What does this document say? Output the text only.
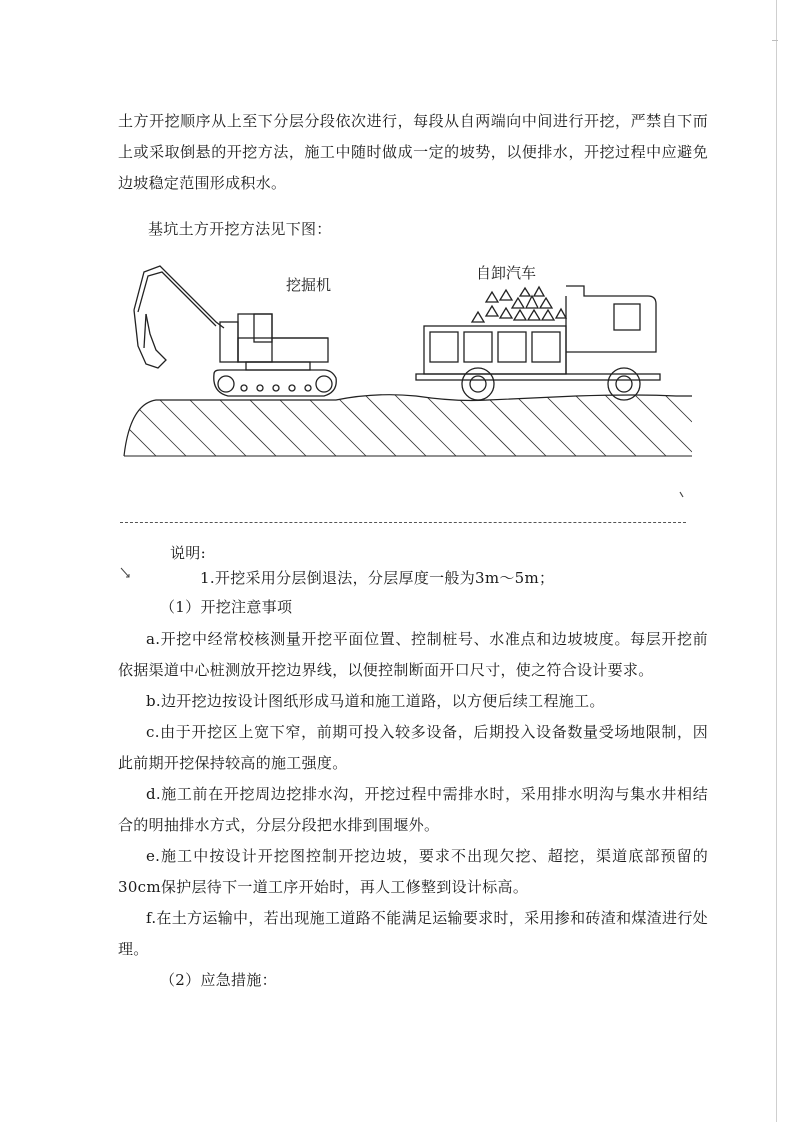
土方开挖顺序从上至下分层分段依次进行，每段从自两端向中间进行开挖，严禁自下而上或采取倒悬的开挖方法，施工中随时做成一定的坡势，以便排水，开挖过程中应避免边坡稳定范围形成积水。

基坑土方开挖方法见下图：

挖掘机
自卸汽车

说明:

1.开挖采用分层倒退法，分层厚度一般为3m～5m；

（1）开挖注意事项

a.开挖中经常校核测量开挖平面位置、控制桩号、水准点和边坡坡度。每层开挖前依据渠道中心桩测放开挖边界线，以便控制断面开口尺寸，使之符合设计要求。

b.边开挖边按设计图纸形成马道和施工道路，以方便后续工程施工。

c.由于开挖区上宽下窄，前期可投入较多设备，后期投入设备数量受场地限制，因此前期开挖保持较高的施工强度。

d.施工前在开挖周边挖排水沟，开挖过程中需排水时，采用排水明沟与集水井相结合的明抽排水方式，分层分段把水排到围堰外。

e.施工中按设计开挖图控制开挖边坡，要求不出现欠挖、超挖，渠道底部预留的30cm保护层待下一道工序开始时，再人工修整到设计标高。

f.在土方运输中，若出现施工道路不能满足运输要求时，采用掺和砖渣和煤渣进行处理。

（2）应急措施：
